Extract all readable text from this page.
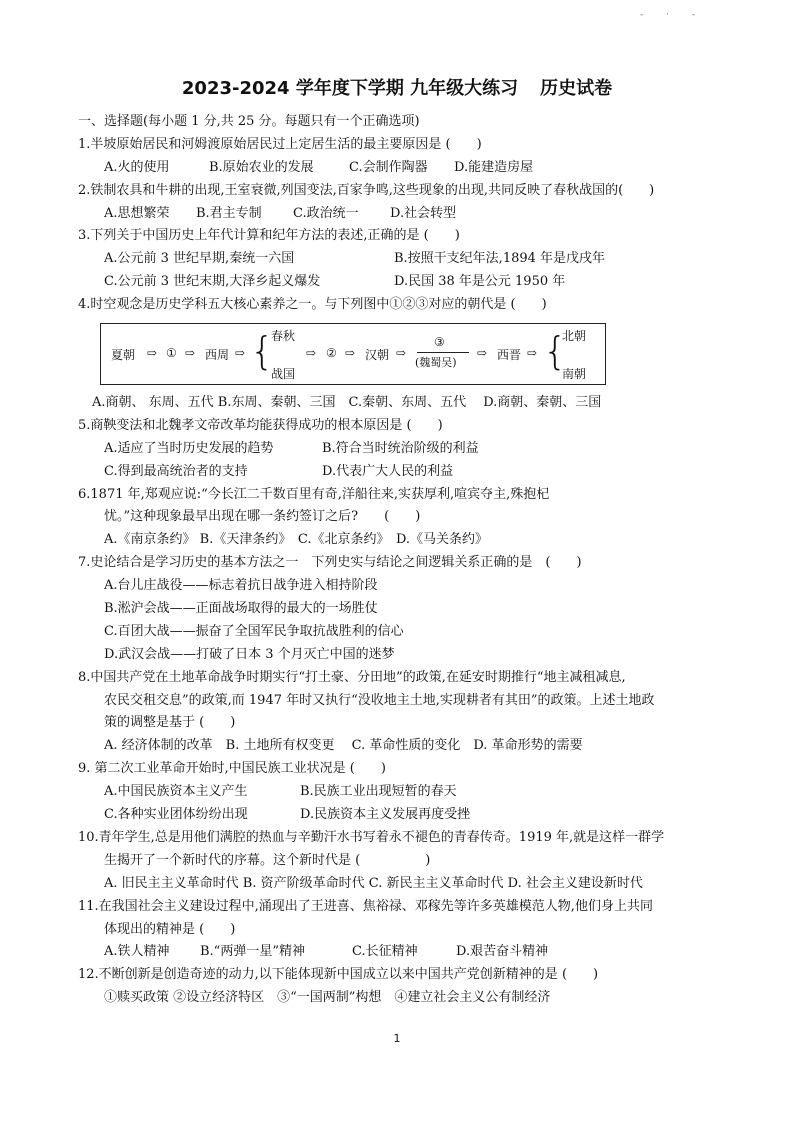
- · -
2023-2024 学年度下学期 九年级大练习 历史试卷
一、选择题(每小题 1 分,共 25 分。每题只有一个正确选项)
1.半坡原始居民和河姆渡原始居民过上定居生活的最主要原因是 (　　)
A.火的使用	B.原始农业的发展	C.会制作陶器	D.能建造房屋
2.铁制农具和牛耕的出现,王室衰微,列国变法,百家争鸣,这些现象的出现,共同反映了春秋战国的(　　)
A.思想繁荣	B.君主专制	C.政治统一	D.社会转型
3.下列关于中国历史上年代计算和纪年方法的表述,正确的是 (　　)
A.公元前 3 世纪早期,秦统一六国	B.按照干支纪年法,1894 年是戊戌年
C.公元前 3 世纪末期,大泽乡起义爆发	D.民国 38 年是公元 1950 年
4.时空观念是历史学科五大核心素养之一。与下列图中①②③对应的朝代是 (　　)
夏朝 ⇨ ① ⇨ 西周 ⇨ {
春秋
战国
⇨ ② ⇨ 汉朝 ⇨
③
(魏蜀吴)
⇨ 西晋 ⇨ {
北朝
南朝
A.商朝、 东周、五代 B.东周、秦朝、三国　C.秦朝、东周、五代　 D.商朝、秦朝、三国
5.商鞅变法和北魏孝文帝改革均能获得成功的根本原因是 (　　)
A.适应了当时历史发展的趋势	B.符合当时统治阶级的利益
C.得到最高统治者的支持	D.代表广大人民的利益
6.1871 年,郑观应说:“今长江二千数百里有奇,洋船往来,实获厚利,喧宾夺主,殊抱杞
忧。”这种现象最早出现在哪一条约签订之后?　　(　　)
A.《南京条约》 B.《天津条约》　C.《北京条约》　D.《马关条约》
7.史论结合是学习历史的基本方法之一　下列史实与结论之间逻辑关系正确的是　(　　)
A.台儿庄战役——标志着抗日战争进入相持阶段
B.淞沪会战——正面战场取得的最大的一场胜仗
C.百团大战——振奋了全国军民争取抗战胜利的信心
D.武汉会战——打破了日本 3 个月灭亡中国的迷梦
8.中国共产党在土地革命战争时期实行“打土豪、分田地”的政策,在延安时期推行“地主减租减息,
农民交租交息”的政策,而 1947 年时又执行“没收地主土地,实现耕者有其田”的政策。上述土地政
策的调整是基于 (　　)
A. 经济体制的改革　B. 土地所有权变更　 C. 革命性质的变化　D. 革命形势的需要
9. 第二次工业革命开始时,中国民族工业状况是 (　　)
A.中国民族资本主义产生	B.民族工业出现短暂的春天
C.各种实业团体纷纷出现	D.民族资本主义发展再度受挫
10.青年学生,总是用他们满腔的热血与辛勤汗水书写着永不褪色的青春传奇。1919 年,就是这样一群学
生揭开了一个新时代的序幕。这个新时代是 (　　　　　)
A. 旧民主主义革命时代 B. 资产阶级革命时代 C. 新民主主义革命时代 D. 社会主义建设新时代
11.在我国社会主义建设过程中,涌现出了王进喜、焦裕禄、邓稼先等许多英雄模范人物,他们身上共同
体现出的精神是 (　　)
A.铁人精神	B.“两弹一星”精神	C.长征精神	D.艰苦奋斗精神
12.不断创新是创造奇迹的动力,以下能体现新中国成立以来中国共产党创新精神的是 (　　)
①赎买政策 ②设立经济特区　③“一国两制”构想　④建立社会主义公有制经济
1
